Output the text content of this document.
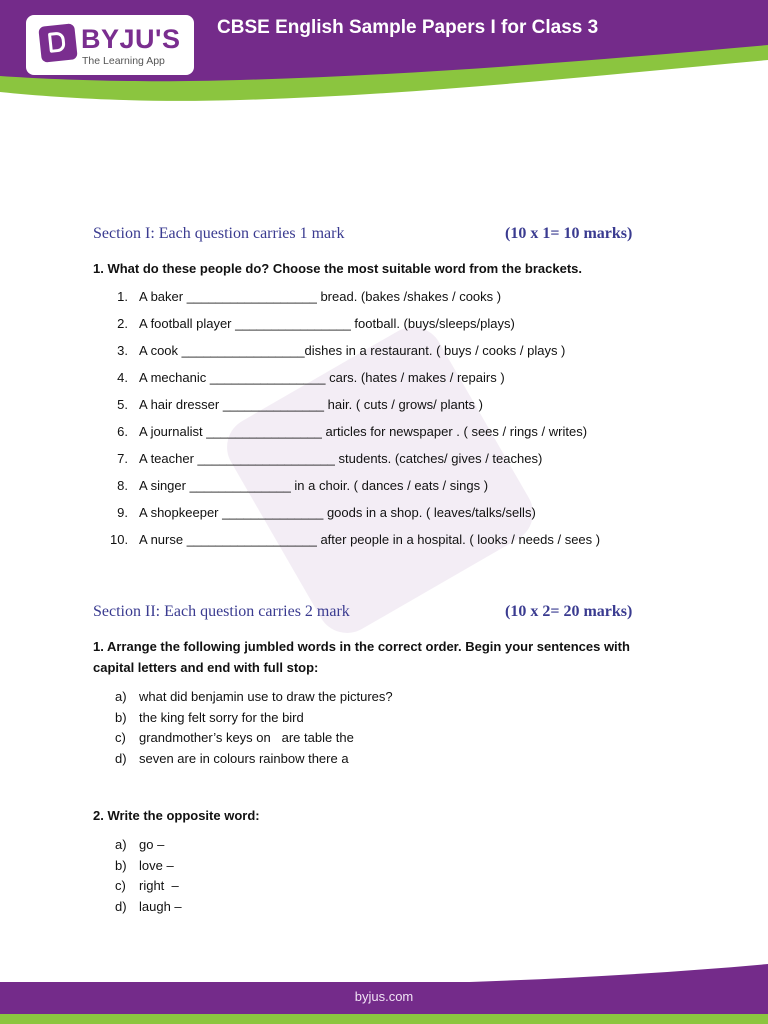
BYJU'S
The Learning App
CBSE English Sample Papers I for Class 3
Section I: Each question carries 1 mark	(10 x 1= 10 marks)
1. What do these people do? Choose the most suitable word from the brackets.
1. A baker __________________ bread. (bakes /shakes / cooks )
2. A football player ________________ football. (buys/sleeps/plays)
3. A cook _________________dishes in a restaurant. ( buys / cooks / plays )
4. A mechanic ________________ cars. (hates / makes / repairs )
5. A hair dresser ______________ hair. ( cuts / grows/ plants )
6. A journalist ________________ articles for newspaper . ( sees / rings / writes)
7. A teacher ___________________ students. (catches/ gives / teaches)
8. A singer ______________ in a choir. ( dances / eats / sings )
9. A shopkeeper ______________ goods in a shop. ( leaves/talks/sells)
10. A nurse __________________ after people in a hospital. ( looks / needs / sees )
Section II: Each question carries 2 mark	(10 x 2= 20 marks)
1. Arrange the following jumbled words in the correct order. Begin your sentences with capital letters and end with full stop:
a) what did benjamin use to draw the pictures?
b) the king felt sorry for the bird
c) grandmother’s keys on   are table the
d) seven are in colours rainbow there a
2. Write the opposite word:
a) go –
b) love –
c) right  –
d) laugh –
byjus.com
